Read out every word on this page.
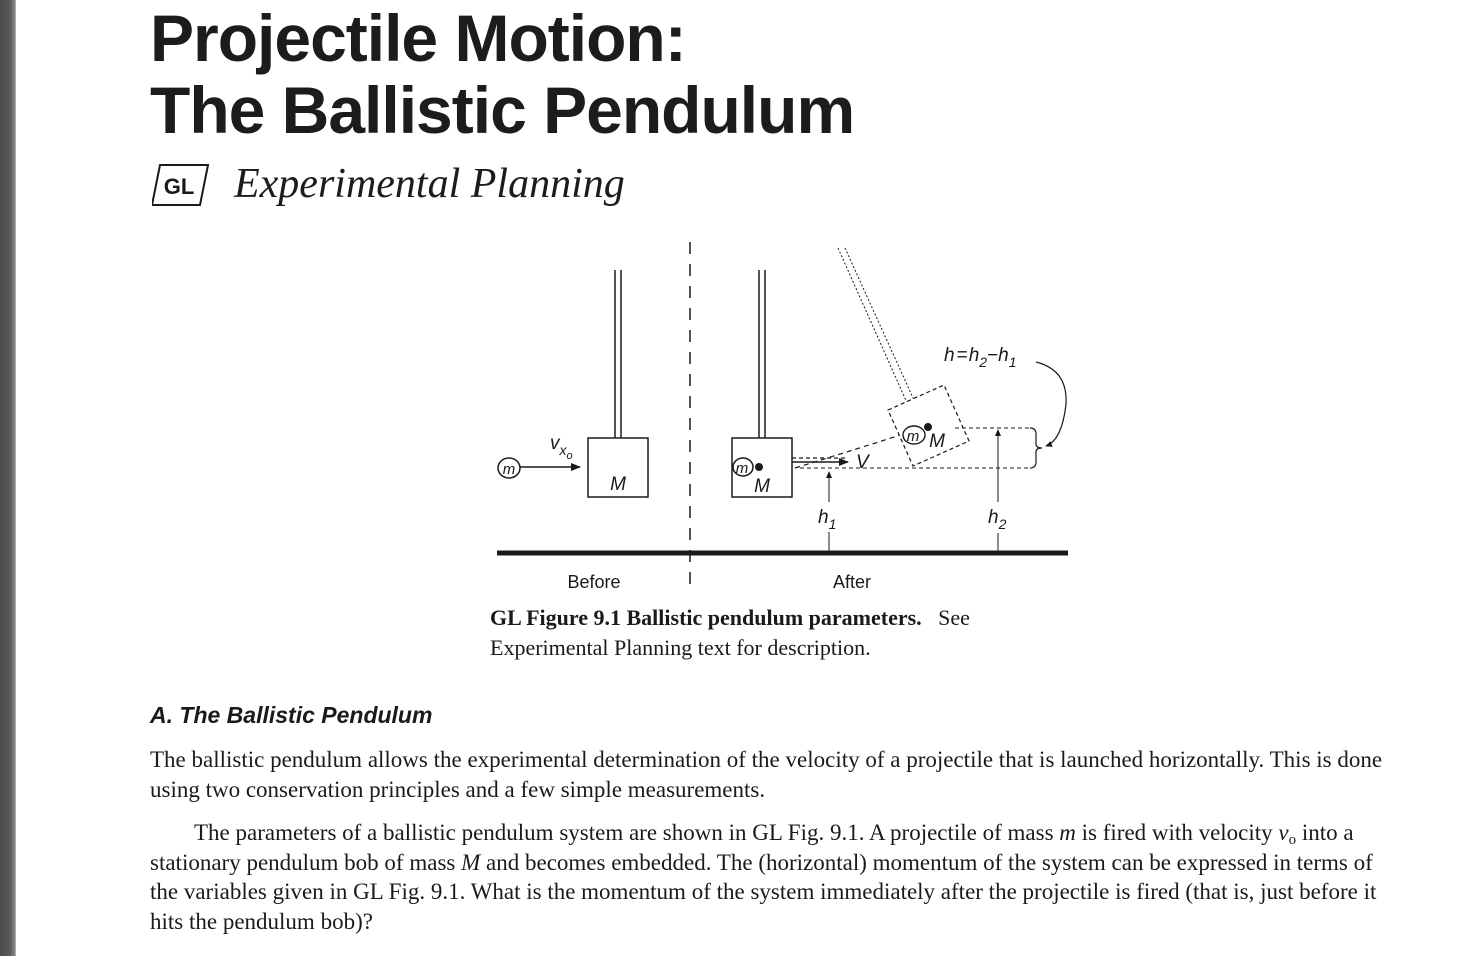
Projectile Motion:
The Ballistic Pendulum
GL Experimental Planning
M
m
$v_{xo}$
m
M
V
m M
$h_1$	$h_2$
$h =h_2-h_1$
Before	After
GL Figure 9.1 Ballistic pendulum parameters. See Experimental Planning text for description.
A. The Ballistic Pendulum

The ballistic pendulum allows the experimental determination of the velocity of a projectile that is launched horizontally. This is done using two conservation principles and a few simple measurements.

The parameters of a ballistic pendulum system are shown in GL Fig. 9.1. A projectile of mass m is fired with velocity $v_o$ into a stationary pendulum bob of mass M and becomes embedded. The (horizontal) momentum of the system can be expressed in terms of the variables given in GL Fig. 9.1. What is the momentum of the system immediately after the projectile is fired (that is, just before it hits the pendulum bob)?
